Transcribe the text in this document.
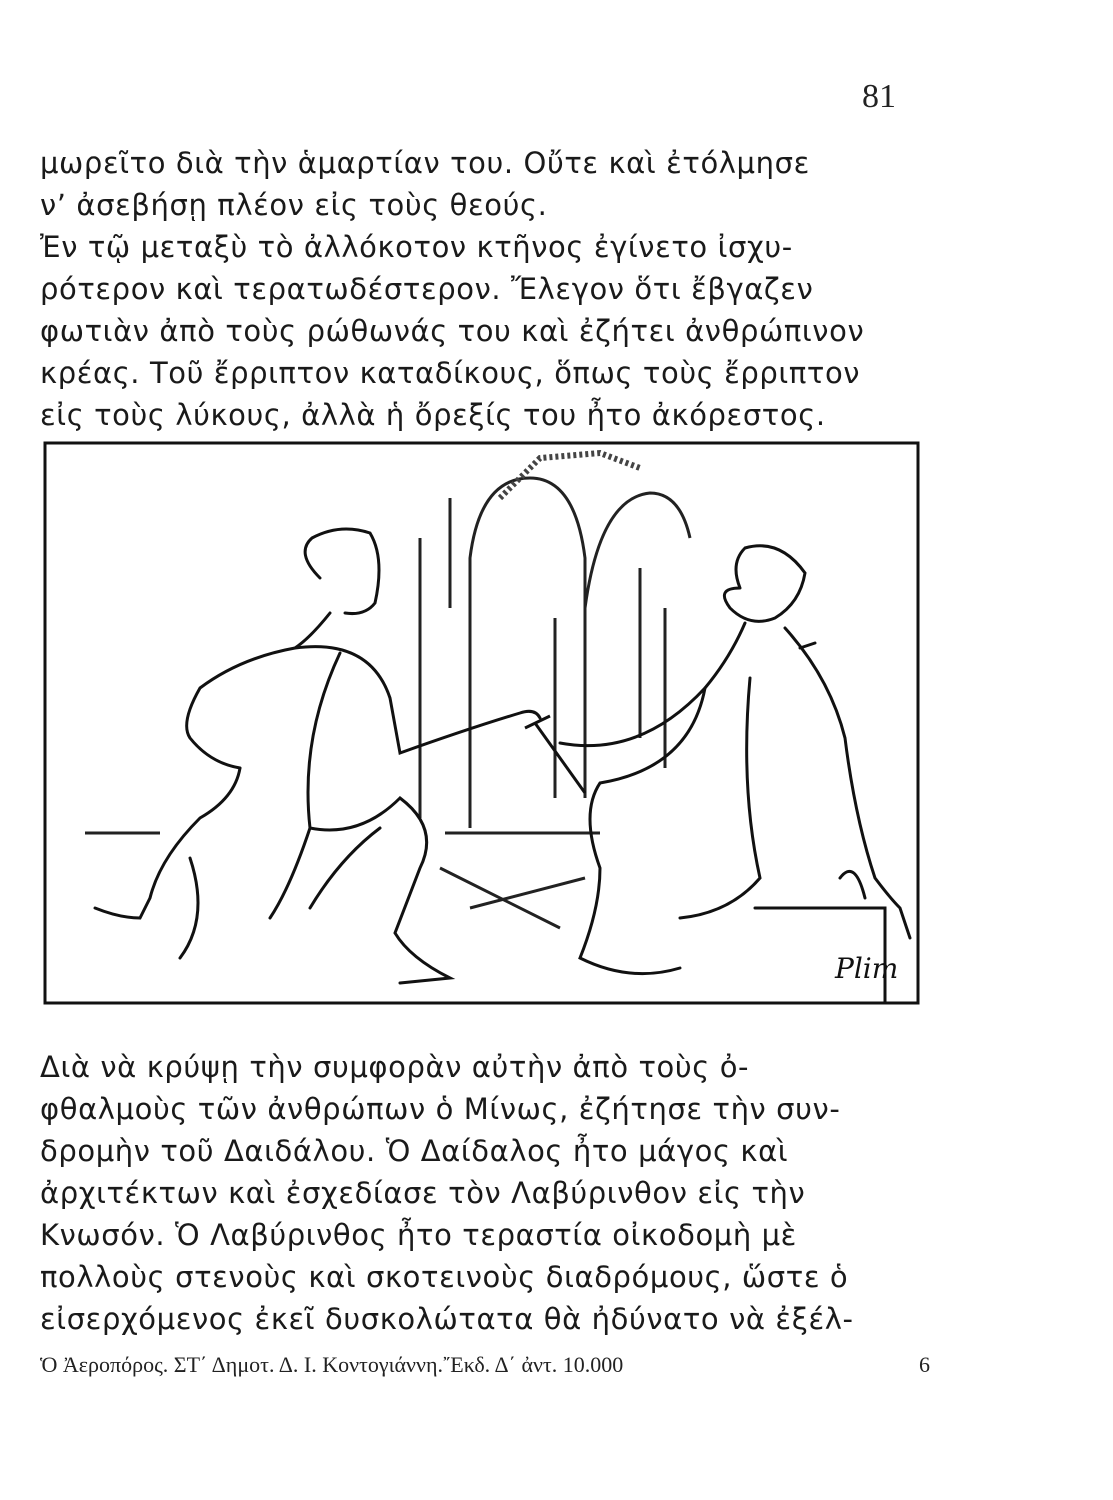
81
μωρεῖτο διὰ τὴν ἁμαρτίαν του. Οὔτε καὶ ἐτόλμησε
ν’ ἀσεβήσῃ πλέον εἰς τοὺς θεούς.
Ἐν τῷ μεταξὺ τὸ ἀλλόκοτον κτῆνος ἐγίνετο ἰσχυ-
ρότερον καὶ τερατωδέστερον. Ἔλεγον ὅτι ἔβγαζεν
φωτιὰν ἀπὸ τοὺς ρώθωνάς του καὶ ἐζήτει ἀνθρώπινον
κρέας. Τοῦ ἔρριπτον καταδίκους, ὅπως τοὺς ἔρριπτον
εἰς τοὺς λύκους, ἀλλὰ ἡ ὄρεξίς του ἦτο ἀκόρεστος.
Plim
Διὰ νὰ κρύψῃ τὴν συμφορὰν αὐτὴν ἀπὸ τοὺς ὀ-
φθαλμοὺς τῶν ἀνθρώπων ὁ Μίνως, ἐζήτησε τὴν συν-
δρομὴν τοῦ Δαιδάλου. Ὁ Δαίδαλος ἦτο μάγος καὶ
ἀρχιτέκτων καὶ ἐσχεδίασε τὸν Λαβύρινθον εἰς τὴν
Κνωσόν. Ὁ Λαβύρινθος ἦτο τεραστία οἰκοδομὴ μὲ
πολλοὺς στενοὺς καὶ σκοτεινοὺς διαδρόμους, ὥστε ὁ
εἰσερχόμενος ἐκεῖ δυσκολώτατα θὰ ἠδύνατο νὰ ἐξέλ-
Ὁ Ἀεροπόρος. ΣΤ΄ Δημοτ. Δ. Ι. Κοντογιάννη.῎Εκδ. Δ΄ ἀντ. 10.000	6
